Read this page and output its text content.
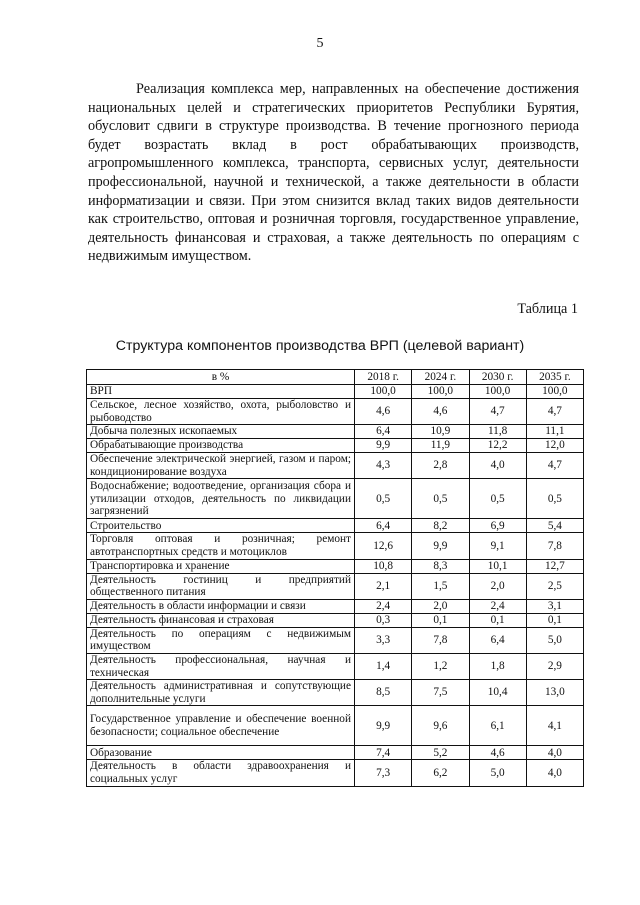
5

Реализация комплекса мер, направленных на обеспечение достижения национальных целей и стратегических приоритетов Республики Бурятия, обусловит сдвиги в структуре производства. В течение прогнозного периода будет возрастать вклад в рост обрабатывающих производств, агропромышленного комплекса, транспорта, сервисных услуг, деятельности профессиональной, научной и технической, а также деятельности в области информатизации и связи. При этом снизится вклад таких видов деятельности как строительство, оптовая и розничная торговля, государственное управление, деятельность финансовая и страховая, а также деятельность по операциям с недвижимым имуществом.

Таблица 1
Структура компонентов производства ВРП (целевой вариант)
в %	2018 г.	2024 г.	2030 г.	2035 г.
ВРП	100,0	100,0	100,0	100,0
Сельское, лесное хозяйство, охота, рыболовство и рыбоводство	4,6	4,6	4,7	4,7
Добыча полезных ископаемых	6,4	10,9	11,8	11,1
Обрабатывающие производства	9,9	11,9	12,2	12,0
Обеспечение электрической энергией, газом и паром; кондиционирование воздуха	4,3	2,8	4,0	4,7
Водоснабжение; водоотведение, организация сбора и утилизации отходов, деятельность по ликвидации загрязнений	0,5	0,5	0,5	0,5
Строительство	6,4	8,2	6,9	5,4
Торговля оптовая и розничная; ремонт автотранспортных средств и мотоциклов	12,6	9,9	9,1	7,8
Транспортировка и хранение	10,8	8,3	10,1	12,7
Деятельность гостиниц и предприятий общественного питания	2,1	1,5	2,0	2,5
Деятельность в области информации и связи	2,4	2,0	2,4	3,1
Деятельность финансовая и страховая	0,3	0,1	0,1	0,1
Деятельность по операциям с недвижимым имуществом	3,3	7,8	6,4	5,0
Деятельность профессиональная, научная и техническая	1,4	1,2	1,8	2,9
Деятельность административная и сопутствующие дополнительные услуги	8,5	7,5	10,4	13,0
Государственное управление и обеспечение военной безопасности; социальное обеспечение	9,9	9,6	6,1	4,1
Образование	7,4	5,2	4,6	4,0
Деятельность в области здравоохранения и социальных услуг	7,3	6,2	5,0	4,0
